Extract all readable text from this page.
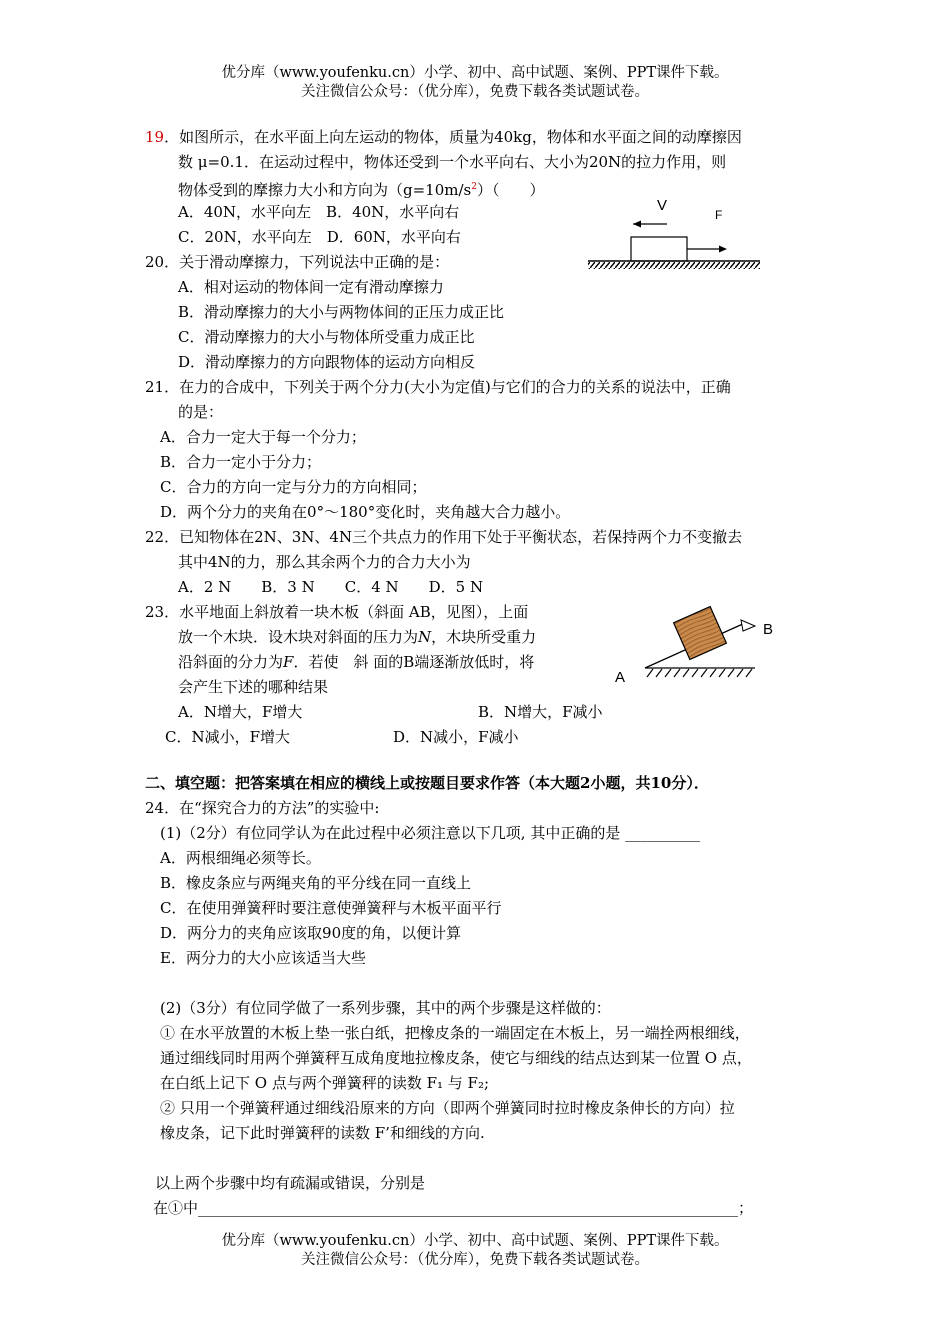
优分库（www.youfenku.cn）小学、初中、高中试题、案例、PPT课件下载。
关注微信公众号：（优分库），免费下载各类试题试卷。
19．如图所示，在水平面上向左运动的物体，质量为40kg，物体和水平面之间的动摩擦因
数 μ=0.1．在运动过程中，物体还受到一个水平向右、大小为20N的拉力作用，则
物体受到的摩擦力大小和方向为$(g=10m/s^2)$（　　）
A．40N，水平向左　B．40N，水平向右
C．20N，水平向左　D．60N，水平向右
V
F
20．关于滑动摩擦力，下列说法中正确的是：
A．相对运动的物体间一定有滑动摩擦力
B．滑动摩擦力的大小与两物体间的正压力成正比
C．滑动摩擦力的大小与物体所受重力成正比
D．滑动摩擦力的方向跟物体的运动方向相反
21．在力的合成中，下列关于两个分力(大小为定值)与它们的合力的关系的说法中，正确
的是：
A．合力一定大于每一个分力；
B．合力一定小于分力；
C．合力的方向一定与分力的方向相同；
D．两个分力的夹角在0°～180°变化时，夹角越大合力越小。
22．已知物体在2N、3N、4N三个共点力的作用下处于平衡状态，若保持两个力不变撤去
其中4N的力，那么其余两个力的合力大小为
A．2 N　　B．3 N　　C．4 N　　D．5 N
23．水平地面上斜放着一块木板（斜面 AB，见图），上面
放一个木块．设木块对斜面的压力为N，木块所受重力
沿斜面的分力为F．若使　斜 面的B端逐渐放低时，将
会产生下述的哪种结果
A．N增大，F增大	B．N增大，F减小
C．N减小，F增大	D．N减小，F减小
A
B
二、填空题：把答案填在相应的横线上或按题目要求作答（本大题2小题，共10分）．
24．在“探究合力的方法”的实验中:
(1)（2分）有位同学认为在此过程中必须注意以下几项, 其中正确的是 __________
A．两根细绳必须等长。
B．橡皮条应与两绳夹角的平分线在同一直线上
C．在使用弹簧秤时要注意使弹簧秤与木板平面平行
D．两分力的夹角应该取90度的角，以便计算
E．两分力的大小应该适当大些
(2)（3分）有位同学做了一系列步骤，其中的两个步骤是这样做的：
① 在水平放置的木板上垫一张白纸，把橡皮条的一端固定在木板上，另一端拴两根细线，
通过细线同时用两个弹簧秤互成角度地拉橡皮条，使它与细线的结点达到某一位置 O 点，
在白纸上记下 O 点与两个弹簧秤的读数 F₁ 与 F₂;
② 只用一个弹簧秤通过细线沿原来的方向（即两个弹簧同时拉时橡皮条伸长的方向）拉
橡皮条，记下此时弹簧秤的读数 F’和细线的方向.
以上两个步骤中均有疏漏或错误，分别是
在①中________________________________________________________________________；
优分库（www.youfenku.cn）小学、初中、高中试题、案例、PPT课件下载。
关注微信公众号：（优分库），免费下载各类试题试卷。
